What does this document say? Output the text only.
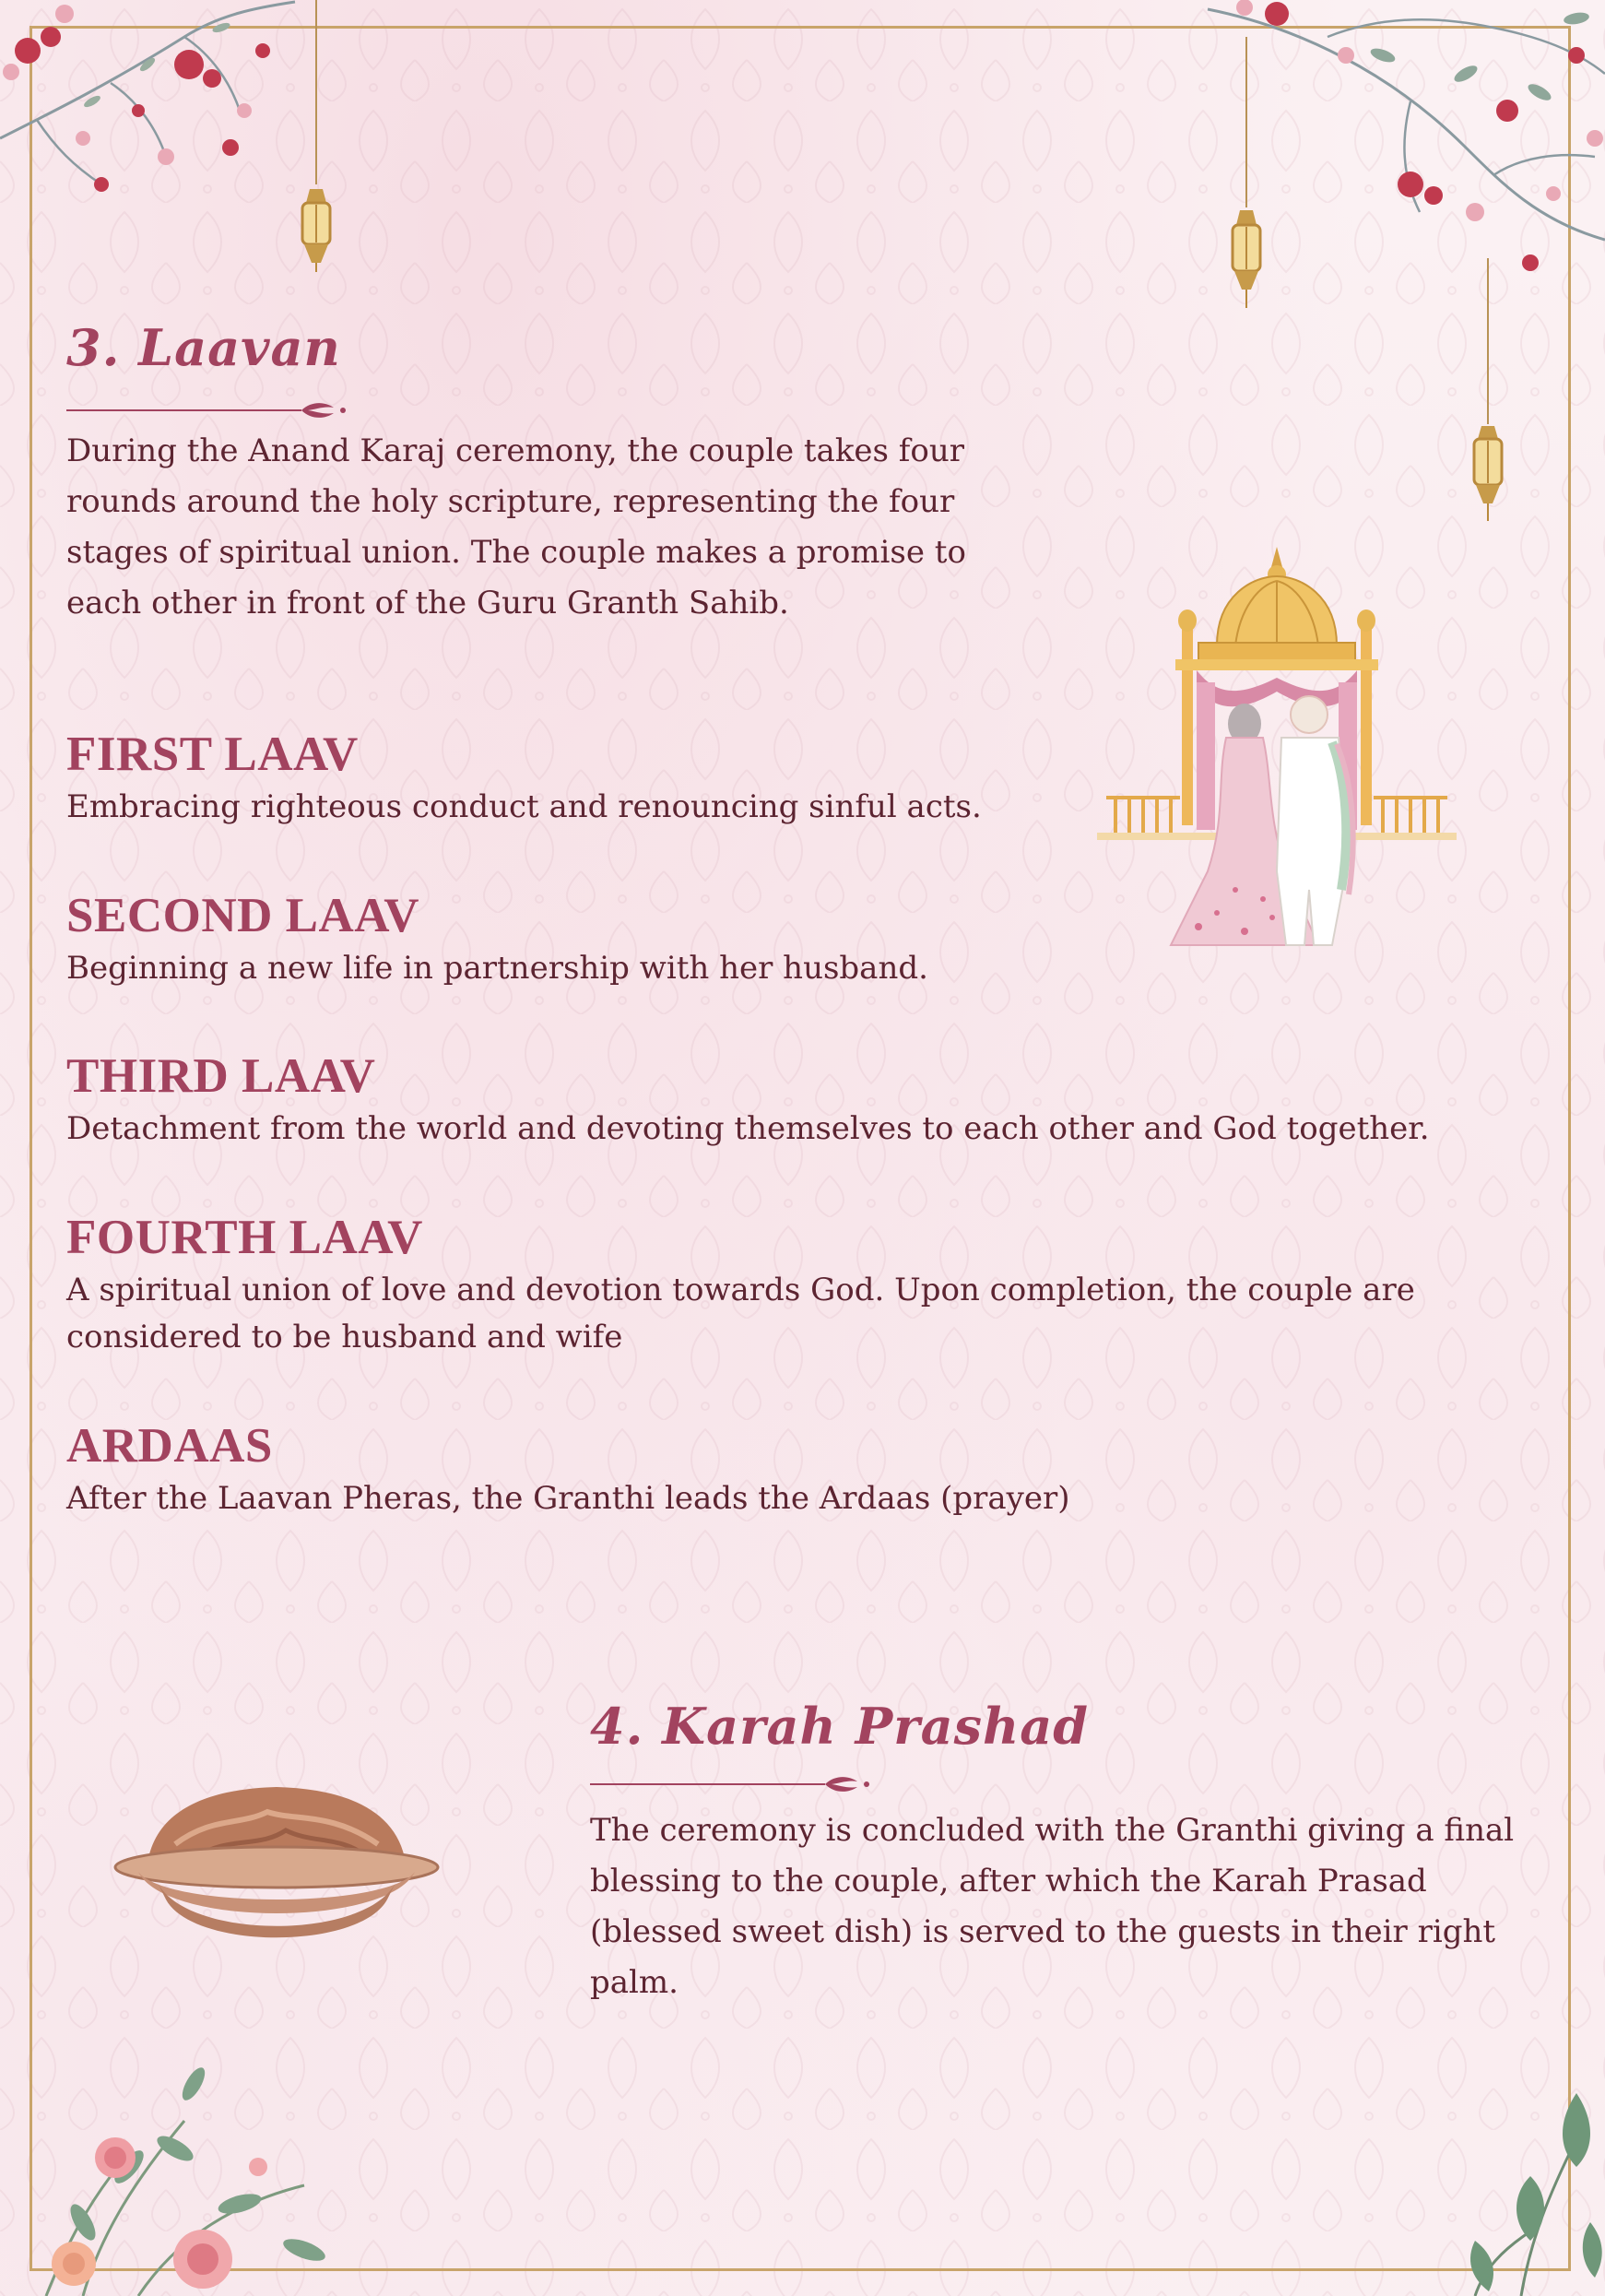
3. Laavan

During the Anand Karaj ceremony, the couple takes four rounds around the holy scripture, representing the four stages of spiritual union. The couple makes a promise to each other in front of the Guru Granth Sahib.

FIRST LAAV

Embracing righteous conduct and renouncing sinful acts.

SECOND LAAV

Beginning a new life in partnership with her husband.

THIRD LAAV

Detachment from the world and devoting themselves to each other and God together.

FOURTH LAAV

A spiritual union of love and devotion towards God. Upon completion, the couple are considered to be husband and wife

ARDAAS

After the Laavan Pheras, the Granthi leads the Ardaas (prayer)

4. Karah Prashad

The ceremony is concluded with the Granthi giving a final blessing to the couple, after which the Karah Prasad (blessed sweet dish) is served to the guests in their right palm.
